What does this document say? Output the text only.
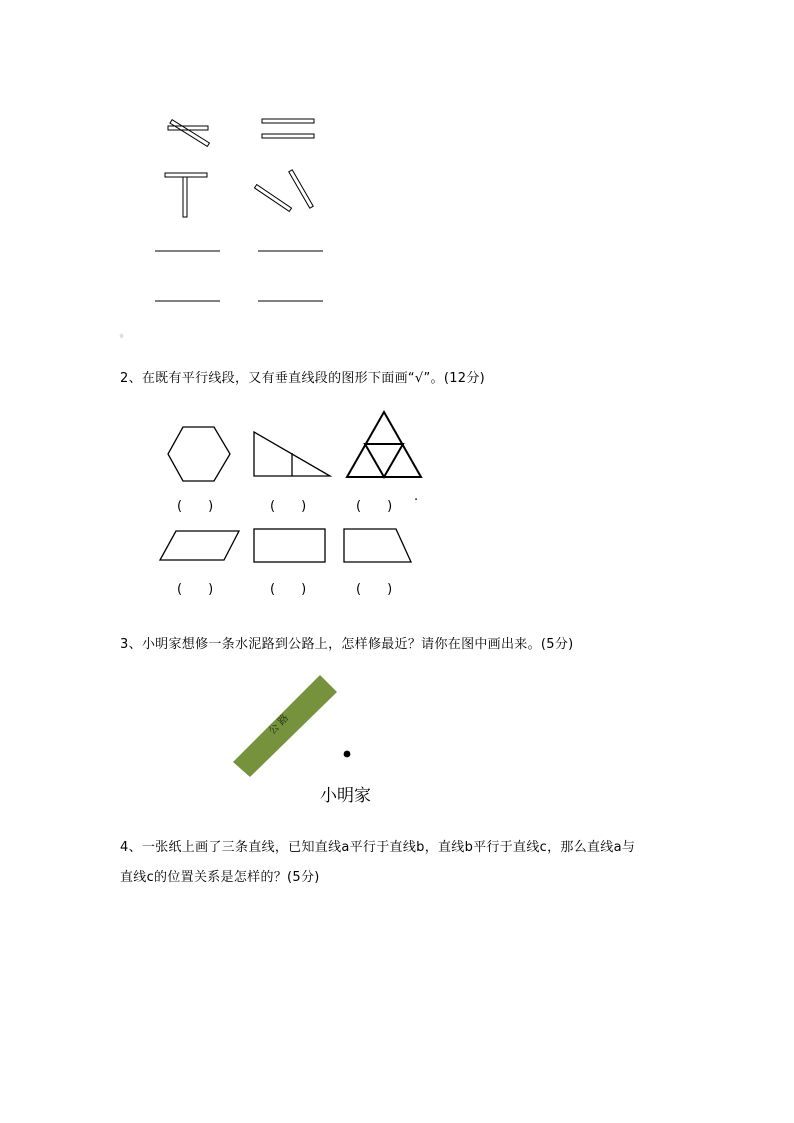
※
2、在既有平行线段，又有垂直线段的图形下面画“√”。(12分)
(　　)	(　　)	(　　) ·
(　　)	(　　)	(　　)
3、小明家想修一条水泥路到公路上，怎样修最近？请你在图中画出来。(5分)
公 路
小明家
4、一张纸上画了三条直线，已知直线a平行于直线b，直线b平行于直线c，那么直线a与
直线c的位置关系是怎样的？(5分)
